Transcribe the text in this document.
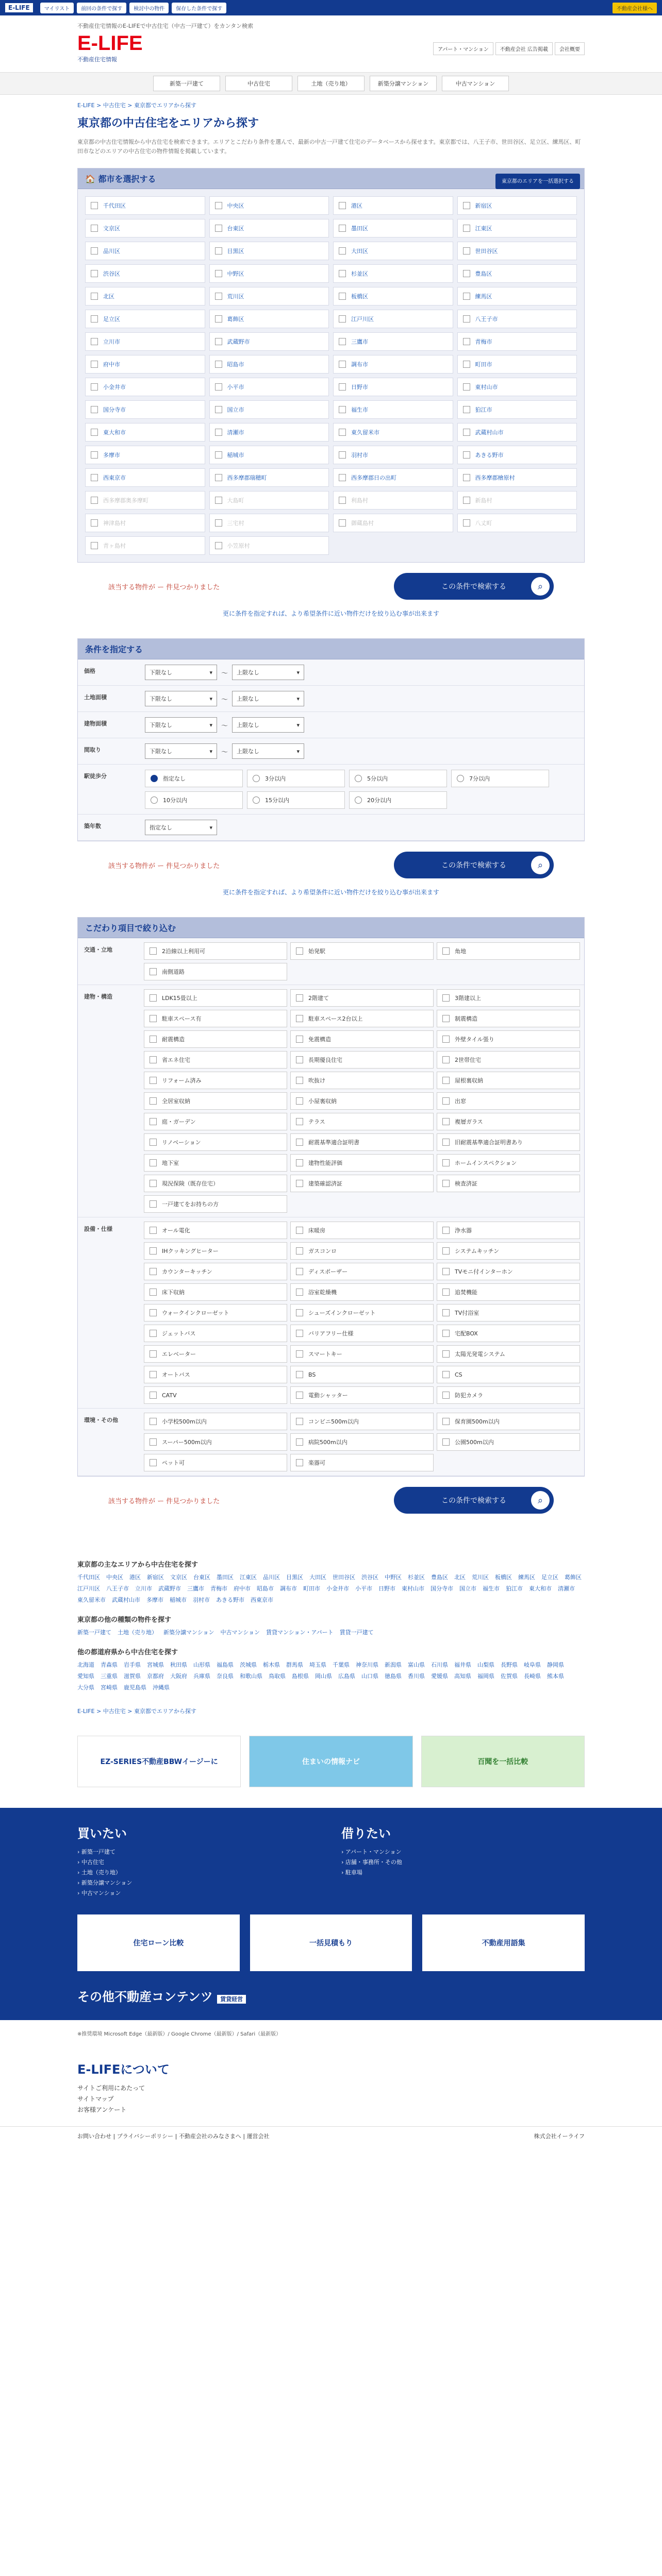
E-LIFE	マイリスト	前回の条件で探す	検討中の物件	保存した条件で探す	不動産会社様へ
不動産住宅情報のE-LIFEで中古住宅（中古一戸建て）をカンタン検索
E-LIFE
不動産住宅情報
アパート・マンション	不動産会社 広告掲載	会社概要
新築一戸建て	中古住宅	土地（売り地）	新築分譲マンション	中古マンション
E-LIFE > 中古住宅 > 東京都でエリアから探す
東京都の中古住宅をエリアから探す

東京都の中古住宅情報から中古住宅を検索できます。エリアとこだわり条件を選んで、最新の中古一戸建て住宅のデータベースから探せます。東京都では、八王子市、世田谷区、足立区、練馬区、町田市などのエリアの中古住宅の物件情報を掲載しています。

🏠 都市を選択する	東京都のエリアを一括選択する
千代田区	中央区	港区	新宿区
文京区	台東区	墨田区	江東区
品川区	目黒区	大田区	世田谷区
渋谷区	中野区	杉並区	豊島区
北区	荒川区	板橋区	練馬区
足立区	葛飾区	江戸川区	八王子市
立川市	武蔵野市	三鷹市	青梅市
府中市	昭島市	調布市	町田市
小金井市	小平市	日野市	東村山市
国分寺市	国立市	福生市	狛江市
東大和市	清瀬市	東久留米市	武蔵村山市
多摩市	稲城市	羽村市	あきる野市
西東京市	西多摩郡瑞穂町	西多摩郡日の出町	西多摩郡檜原村
西多摩郡奥多摩町	大島町	利島村	新島村
神津島村	三宅村	御蔵島村	八丈町
青ヶ島村	小笠原村
該当する物件が ー 件見つかりました	この条件で検索する	⌕
更に条件を指定すれば、より希望条件に近い物件だけを絞り込む事が出来ます
条件を指定する
価格	下限なし	▾ 〜 上限なし	▾
土地面積	下限なし	▾ 〜 上限なし	▾
建物面積	下限なし	▾ 〜 上限なし	▾
間取り	下限なし	▾ 〜 上限なし	▾
駅徒歩分	指定なし	3分以内	5分以内	7分以内
10分以内	15分以内	20分以内
築年数	指定なし	▾
該当する物件が ー 件見つかりました	この条件で検索する	⌕
更に条件を指定すれば、より希望条件に近い物件だけを絞り込む事が出来ます
こだわり項目で絞り込む
交通・立地	2沿線以上利用可	始発駅	角地
南側道路
建物・構造	LDK15畳以上	2階建て	3階建以上
駐車スペース有	駐車スペース2台以上	制震構造
耐震構造	免震構造	外壁タイル張り
省エネ住宅	長期優良住宅	2世帯住宅
リフォーム済み	吹抜け	屋根裏収納
全居室収納	小屋裏収納	出窓
庭・ガーデン	テラス	複層ガラス
リノベーション	耐震基準適合証明書	旧耐震基準適合証明書あり
地下室	建物性能評価	ホームインスペクション
現況保険（既存住宅）	建築確認済証	検査済証
一戸建てをお持ちの方
設備・仕様	オール電化	床暖房	浄水器
IHクッキングヒーター	ガスコンロ	システムキッチン
カウンターキッチン	ディスポーザー	TVモニ付インターホン
床下収納	浴室乾燥機	追焚機能
ウォークインクローゼット	シューズインクローゼット	TV付浴室
ジェットバス	バリアフリー仕様	宅配BOX
エレベーター	スマートキー	太陽光発電システム
オートバス	BS	CS
CATV	電動シャッター	防犯カメラ
環境・その他	小学校500m以内	コンビニ500m以内	保育園500m以内
スーパー500m以内	病院500m以内	公園500m以内
ペット可	楽器可
該当する物件が ー 件見つかりました	この条件で検索する	⌕
東京都の主なエリアから中古住宅を探す
千代田区 中央区 港区 新宿区 文京区 台東区 墨田区 江東区 品川区 目黒区 大田区 世田谷区 渋谷区 中野区 杉並区 豊島区 北区 荒川区 板橋区 練馬区 足立区 葛飾区
江戸川区 八王子市 立川市 武蔵野市 三鷹市 青梅市 府中市 昭島市 調布市 町田市 小金井市 小平市 日野市 東村山市 国分寺市 国立市 福生市 狛江市 東大和市 清瀬市
東久留米市 武蔵村山市 多摩市 稲城市 羽村市 あきる野市 西東京市
東京都の他の種類の物件を探す
新築一戸建て 土地（売り地） 新築分譲マンション 中古マンション 賃貸マンション・アパート 賃貸一戸建て
他の都道府県から中古住宅を探す
北海道 青森県 岩手県 宮城県 秋田県 山形県 福島県 茨城県 栃木県 群馬県 埼玉県 千葉県 神奈川県 新潟県 富山県 石川県 福井県 山梨県 長野県 岐阜県 静岡県
愛知県 三重県 滋賀県 京都府 大阪府 兵庫県 奈良県 和歌山県 鳥取県 島根県 岡山県 広島県 山口県 徳島県 香川県 愛媛県 高知県 福岡県 佐賀県 長崎県 熊本県
大分県 宮崎県 鹿児島県 沖縄県
E-LIFE > 中古住宅 > 東京都でエリアから探す
EZ-SERIES不動産BBWイージーに	住まいの情報ナビ	百聞を一括比較
買いたい
› 新築一戸建て
› 中古住宅
› 土地（売り地）
› 新築分譲マンション
› 中古マンション
借りたい
› アパート・マンション
› 店舗・事務所・その他
› 駐車場
住宅ローン比較	一括見積もり	不動産用語集
その他不動産コンテンツ 賃貸経営
※推奨環境 Microsoft Edge（最新版）/ Google Chrome（最新版）/ Safari（最新版）
E-LIFEについて
サイトご利用にあたって
サイトマップ
お客様アンケート
お問い合わせ | プライバシーポリシー | 不動産会社のみなさまへ | 運営会社	株式会社イーライフ
